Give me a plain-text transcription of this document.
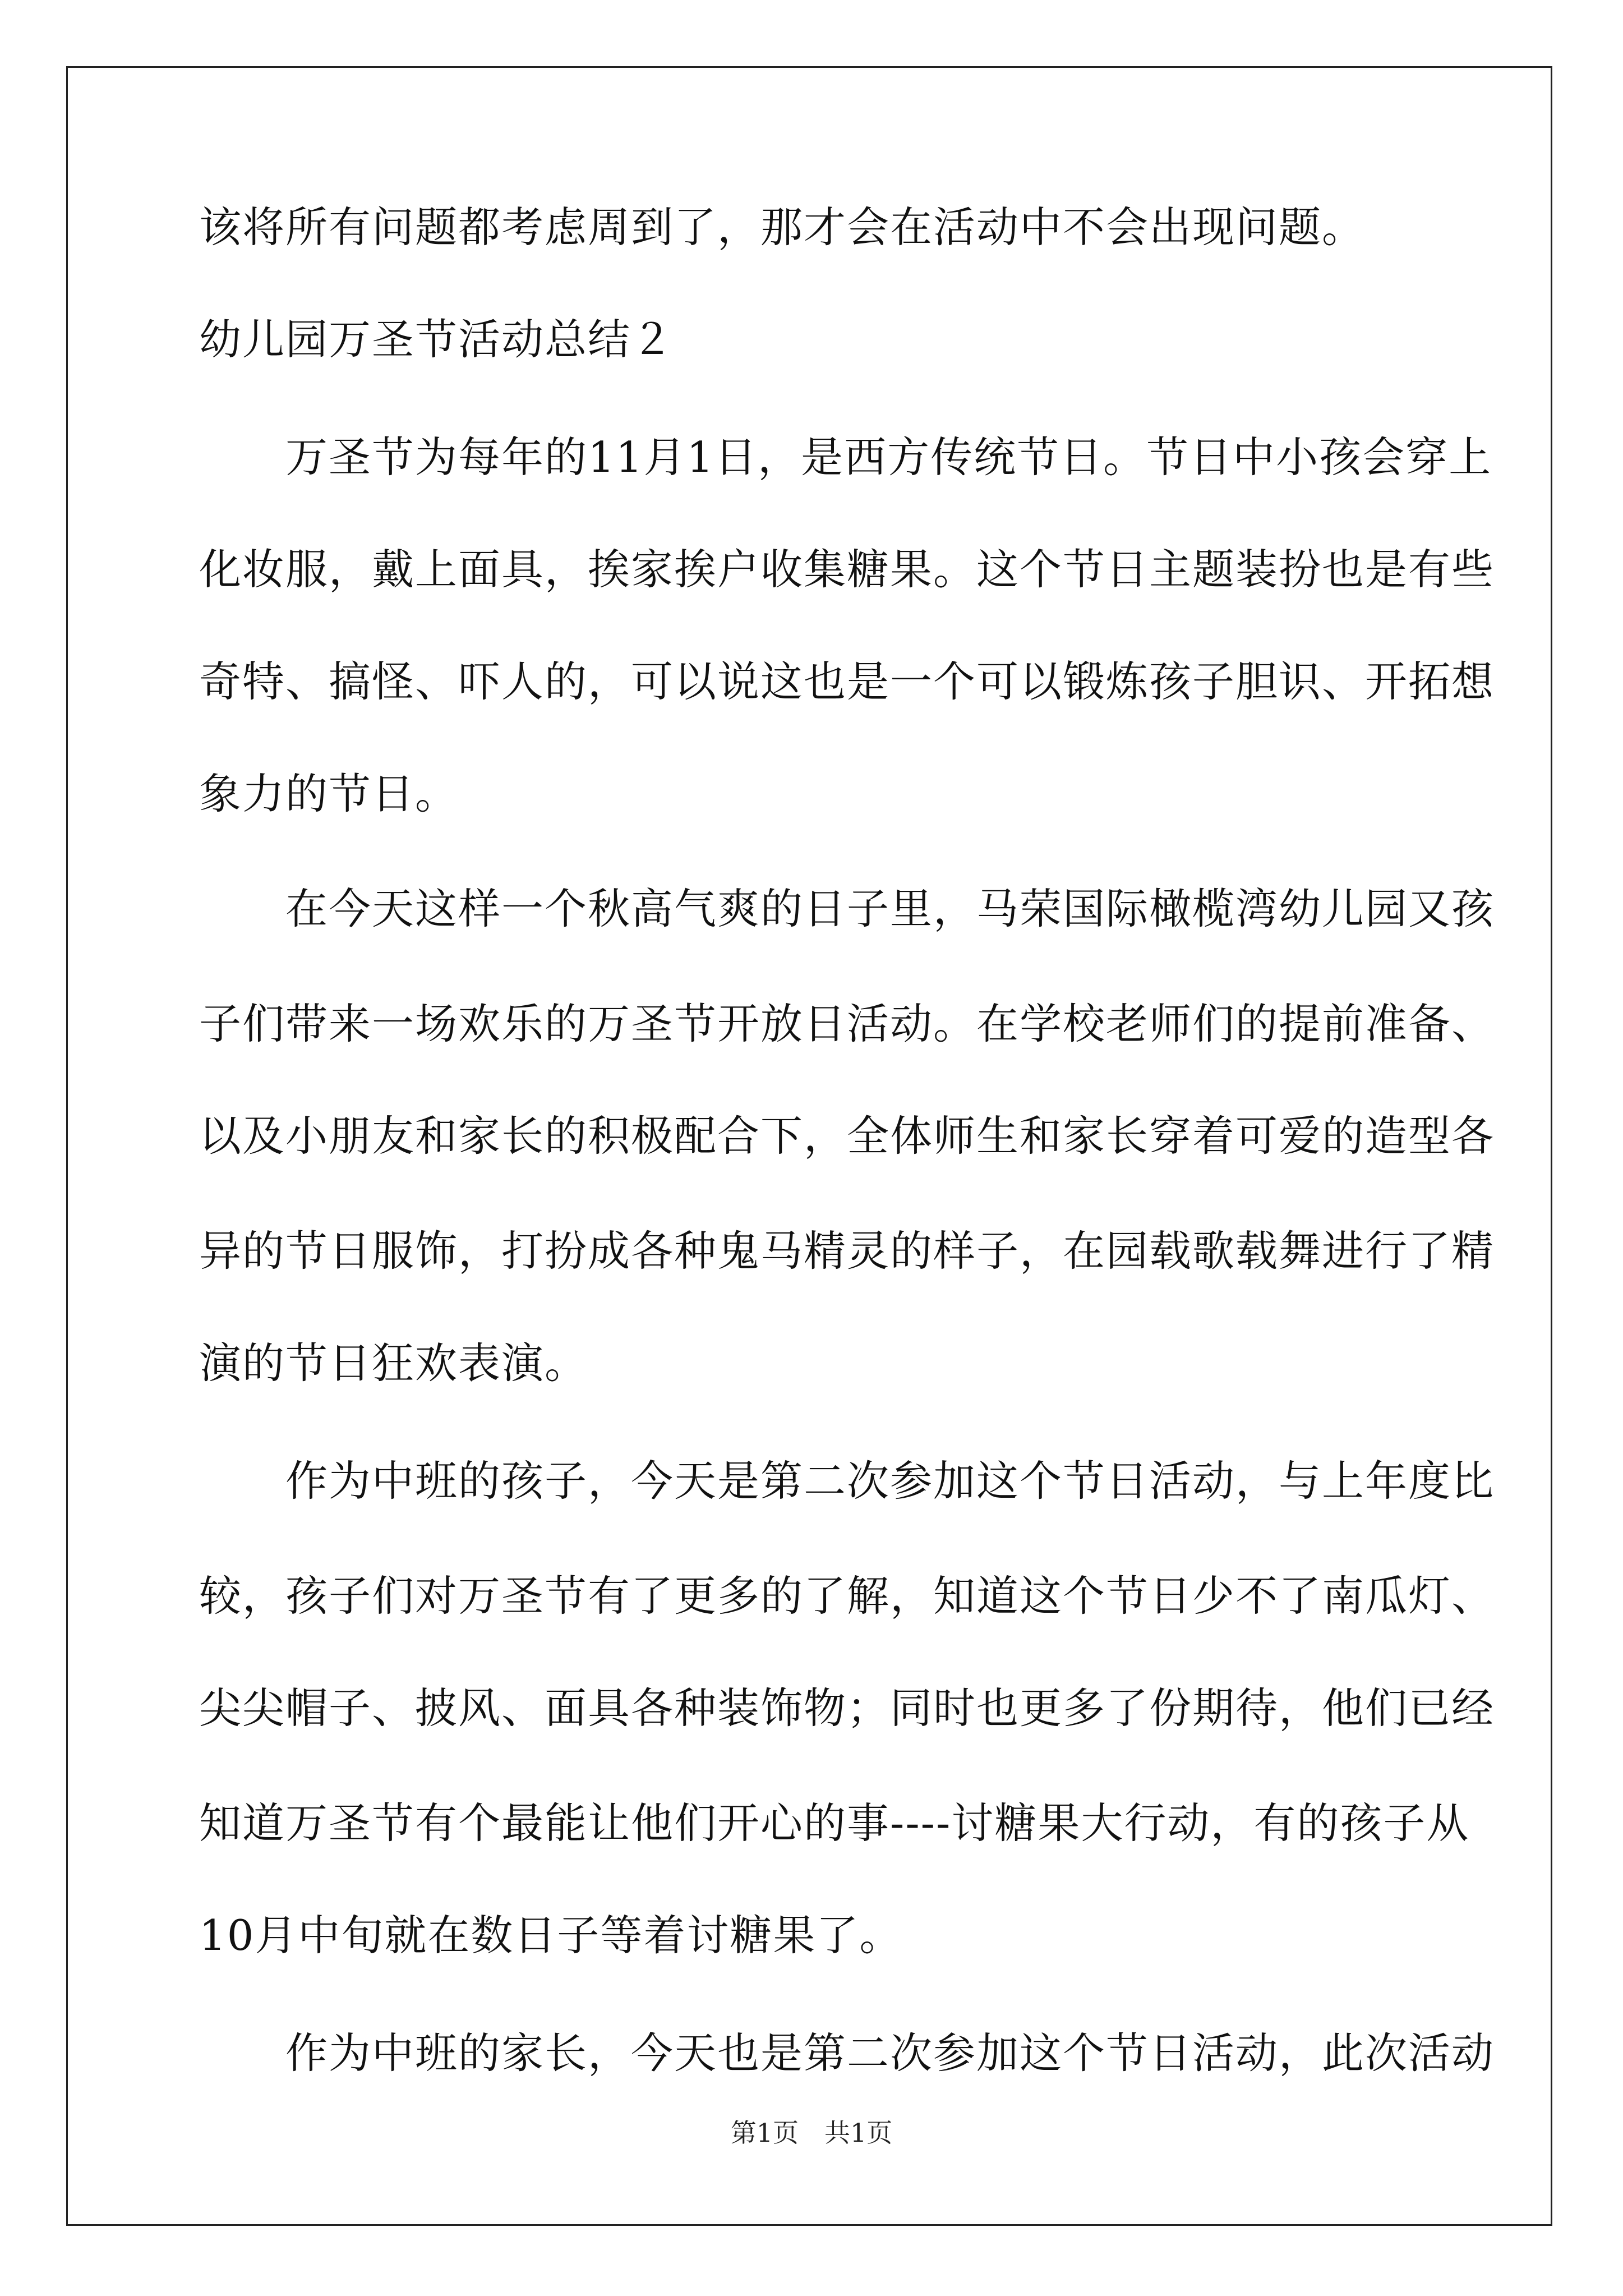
该将所有问题都考虑周到了，那才会在活动中不会出现问题。
幼儿园万圣节活动总结２
　　万圣节为每年的11月1日，是西方传统节日。节日中小孩会穿上
化妆服，戴上面具，挨家挨户收集糖果。这个节日主题装扮也是有些
奇特、搞怪、吓人的，可以说这也是一个可以锻炼孩子胆识、开拓想
象力的节日。
　　在今天这样一个秋高气爽的日子里，马荣国际橄榄湾幼儿园又孩
子们带来一场欢乐的万圣节开放日活动。在学校老师们的提前准备、
以及小朋友和家长的积极配合下，全体师生和家长穿着可爱的造型各
异的节日服饰，打扮成各种鬼马精灵的样子，在园载歌载舞进行了精
演的节日狂欢表演。
　　作为中班的孩子，今天是第二次参加这个节日活动，与上年度比
较，孩子们对万圣节有了更多的了解，知道这个节日少不了南瓜灯、
尖尖帽子、披风、面具各种装饰物；同时也更多了份期待，他们已经
知道万圣节有个最能让他们开心的事----讨糖果大行动，有的孩子从
10月中旬就在数日子等着讨糖果了。
　　作为中班的家长，今天也是第二次参加这个节日活动，此次活动
第1页　共1页
